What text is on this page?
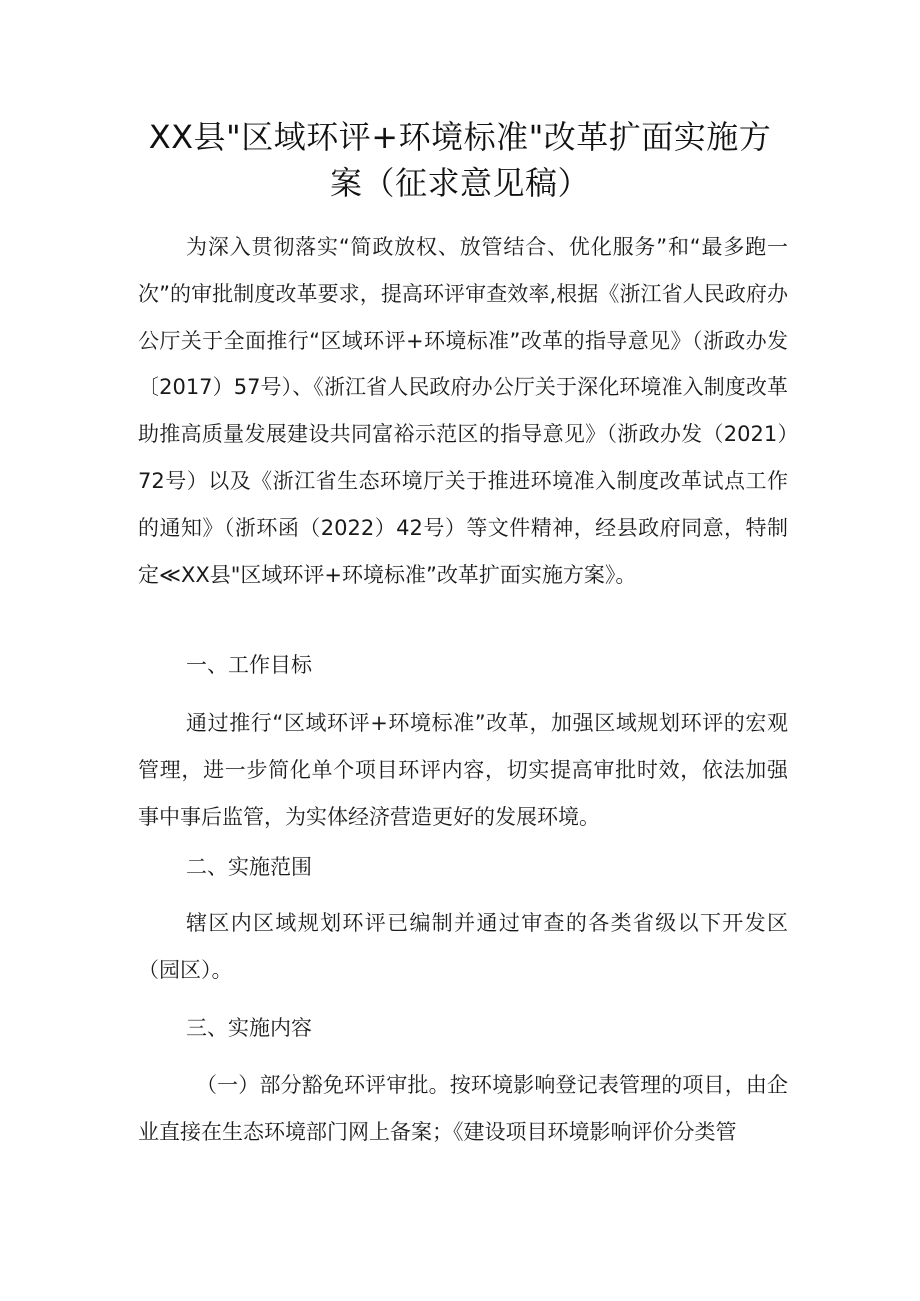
XX县"区域环评+环境标准"改革扩面实施方
案（征求意见稿）

为深入贯彻落实“简政放权、放管结合、优化服务”和“最多跑一次”的审批制度改革要求，提高环评审查效率,根据《浙江省人民政府办公厅关于全面推行“区域环评+环境标准”改革的指导意见》（浙政办发〔2017）57号）、《浙江省人民政府办公厅关于深化环境准入制度改革助推高质量发展建设共同富裕示范区的指导意见》（浙政办发（2021）72号）以及《浙江省生态环境厅关于推进环境准入制度改革试点工作的通知》（浙环函（2022）42号）等文件精神，经县政府同意，特制定≪XX县"区域环评+环境标准”改革扩面实施方案》。

一、工作目标

通过推行“区域环评+环境标准”改革，加强区域规划环评的宏观管理，进一步简化单个项目环评内容，切实提高审批时效，依法加强事中事后监管，为实体经济营造更好的发展环境。

二、实施范围

辖区内区域规划环评已编制并通过审查的各类省级以下开发区（园区）。

三、实施内容

（一）部分豁免环评审批。按环境影响登记表管理的项目，由企业直接在生态环境部门网上备案；《建设项目环境影响评价分类管
